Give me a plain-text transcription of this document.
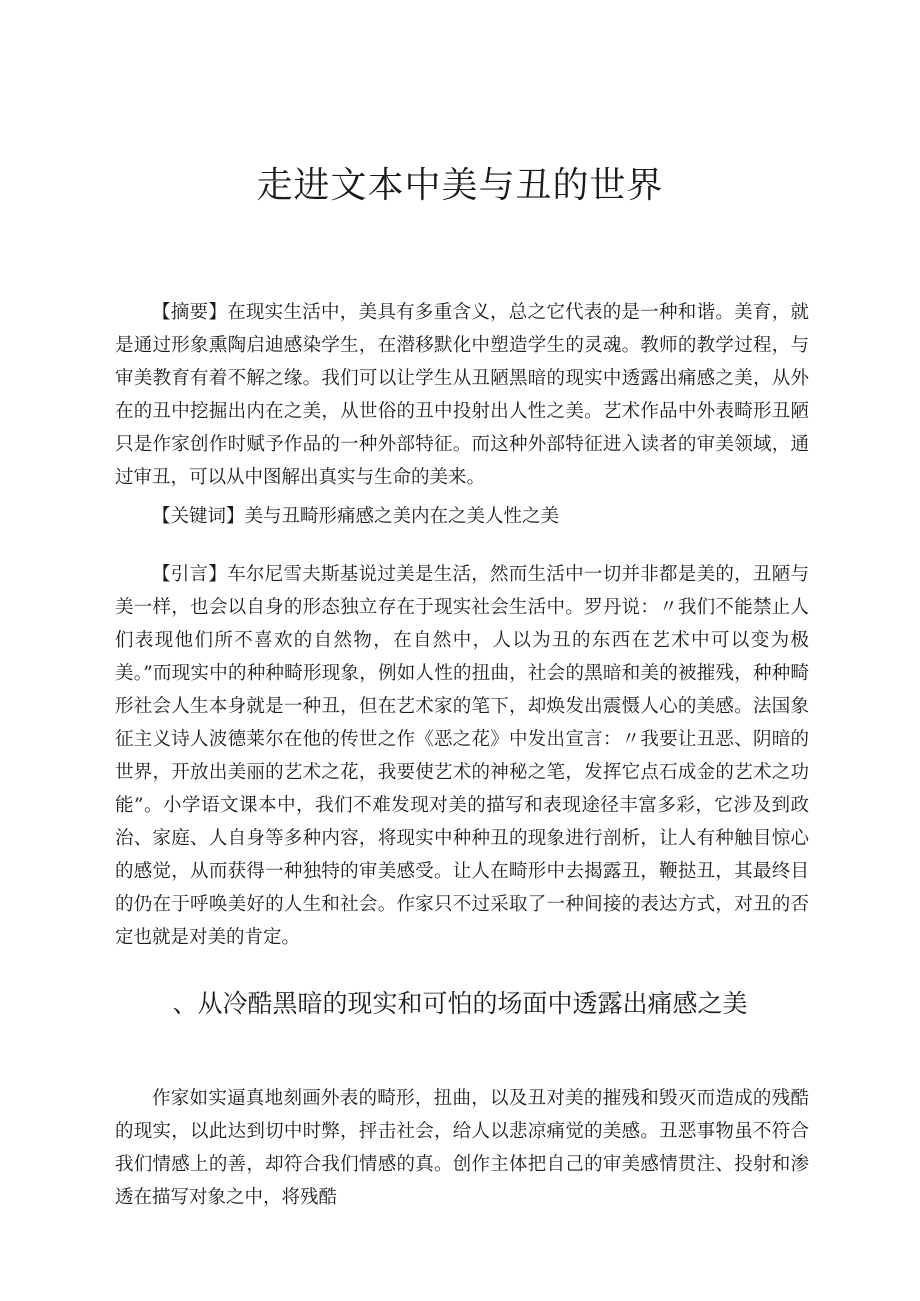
走进文本中美与丑的世界

【摘要】在现实生活中，美具有多重含义，总之它代表的是一种和谐。美育，就是通过形象熏陶启迪感染学生，在潜移默化中塑造学生的灵魂。教师的教学过程，与审美教育有着不解之缘。我们可以让学生从丑陋黑暗的现实中透露出痛感之美，从外在的丑中挖掘出内在之美，从世俗的丑中投射出人性之美。艺术作品中外表畸形丑陋只是作家创作时赋予作品的一种外部特征。而这种外部特征进入读者的审美领域，通过审丑，可以从中图解出真实与生命的美来。

【关键词】美与丑畸形痛感之美内在之美人性之美

【引言】车尔尼雪夫斯基说过美是生活，然而生活中一切并非都是美的，丑陋与美一样，也会以自身的形态独立存在于现实社会生活中。罗丹说：〃我们不能禁止人们表现他们所不喜欢的自然物，在自然中，人以为丑的东西在艺术中可以变为极美。”而现实中的种种畸形现象，例如人性的扭曲，社会的黑暗和美的被摧残，种种畸形社会人生本身就是一种丑，但在艺术家的笔下，却焕发出震慑人心的美感。法国象征主义诗人波德莱尔在他的传世之作《恶之花》中发出宣言：〃我要让丑恶、阴暗的世界，开放出美丽的艺术之花，我要使艺术的神秘之笔，发挥它点石成金的艺术之功能”。小学语文课本中，我们不难发现对美的描写和表现途径丰富多彩，它涉及到政治、家庭、人自身等多种内容，将现实中种种丑的现象进行剖析，让人有种触目惊心的感觉，从而获得一种独特的审美感受。让人在畸形中去揭露丑，鞭挞丑，其最终目的仍在于呼唤美好的人生和社会。作家只不过采取了一种间接的表达方式，对丑的否定也就是对美的肯定。

、从冷酷黑暗的现实和可怕的场面中透露出痛感之美

作家如实逼真地刻画外表的畸形，扭曲，以及丑对美的摧残和毁灭而造成的残酷的现实，以此达到切中时弊，抨击社会，给人以悲凉痛觉的美感。丑恶事物虽不符合我们情感上的善，却符合我们情感的真。创作主体把自己的审美感情贯注、投射和渗透在描写对象之中，将残酷
